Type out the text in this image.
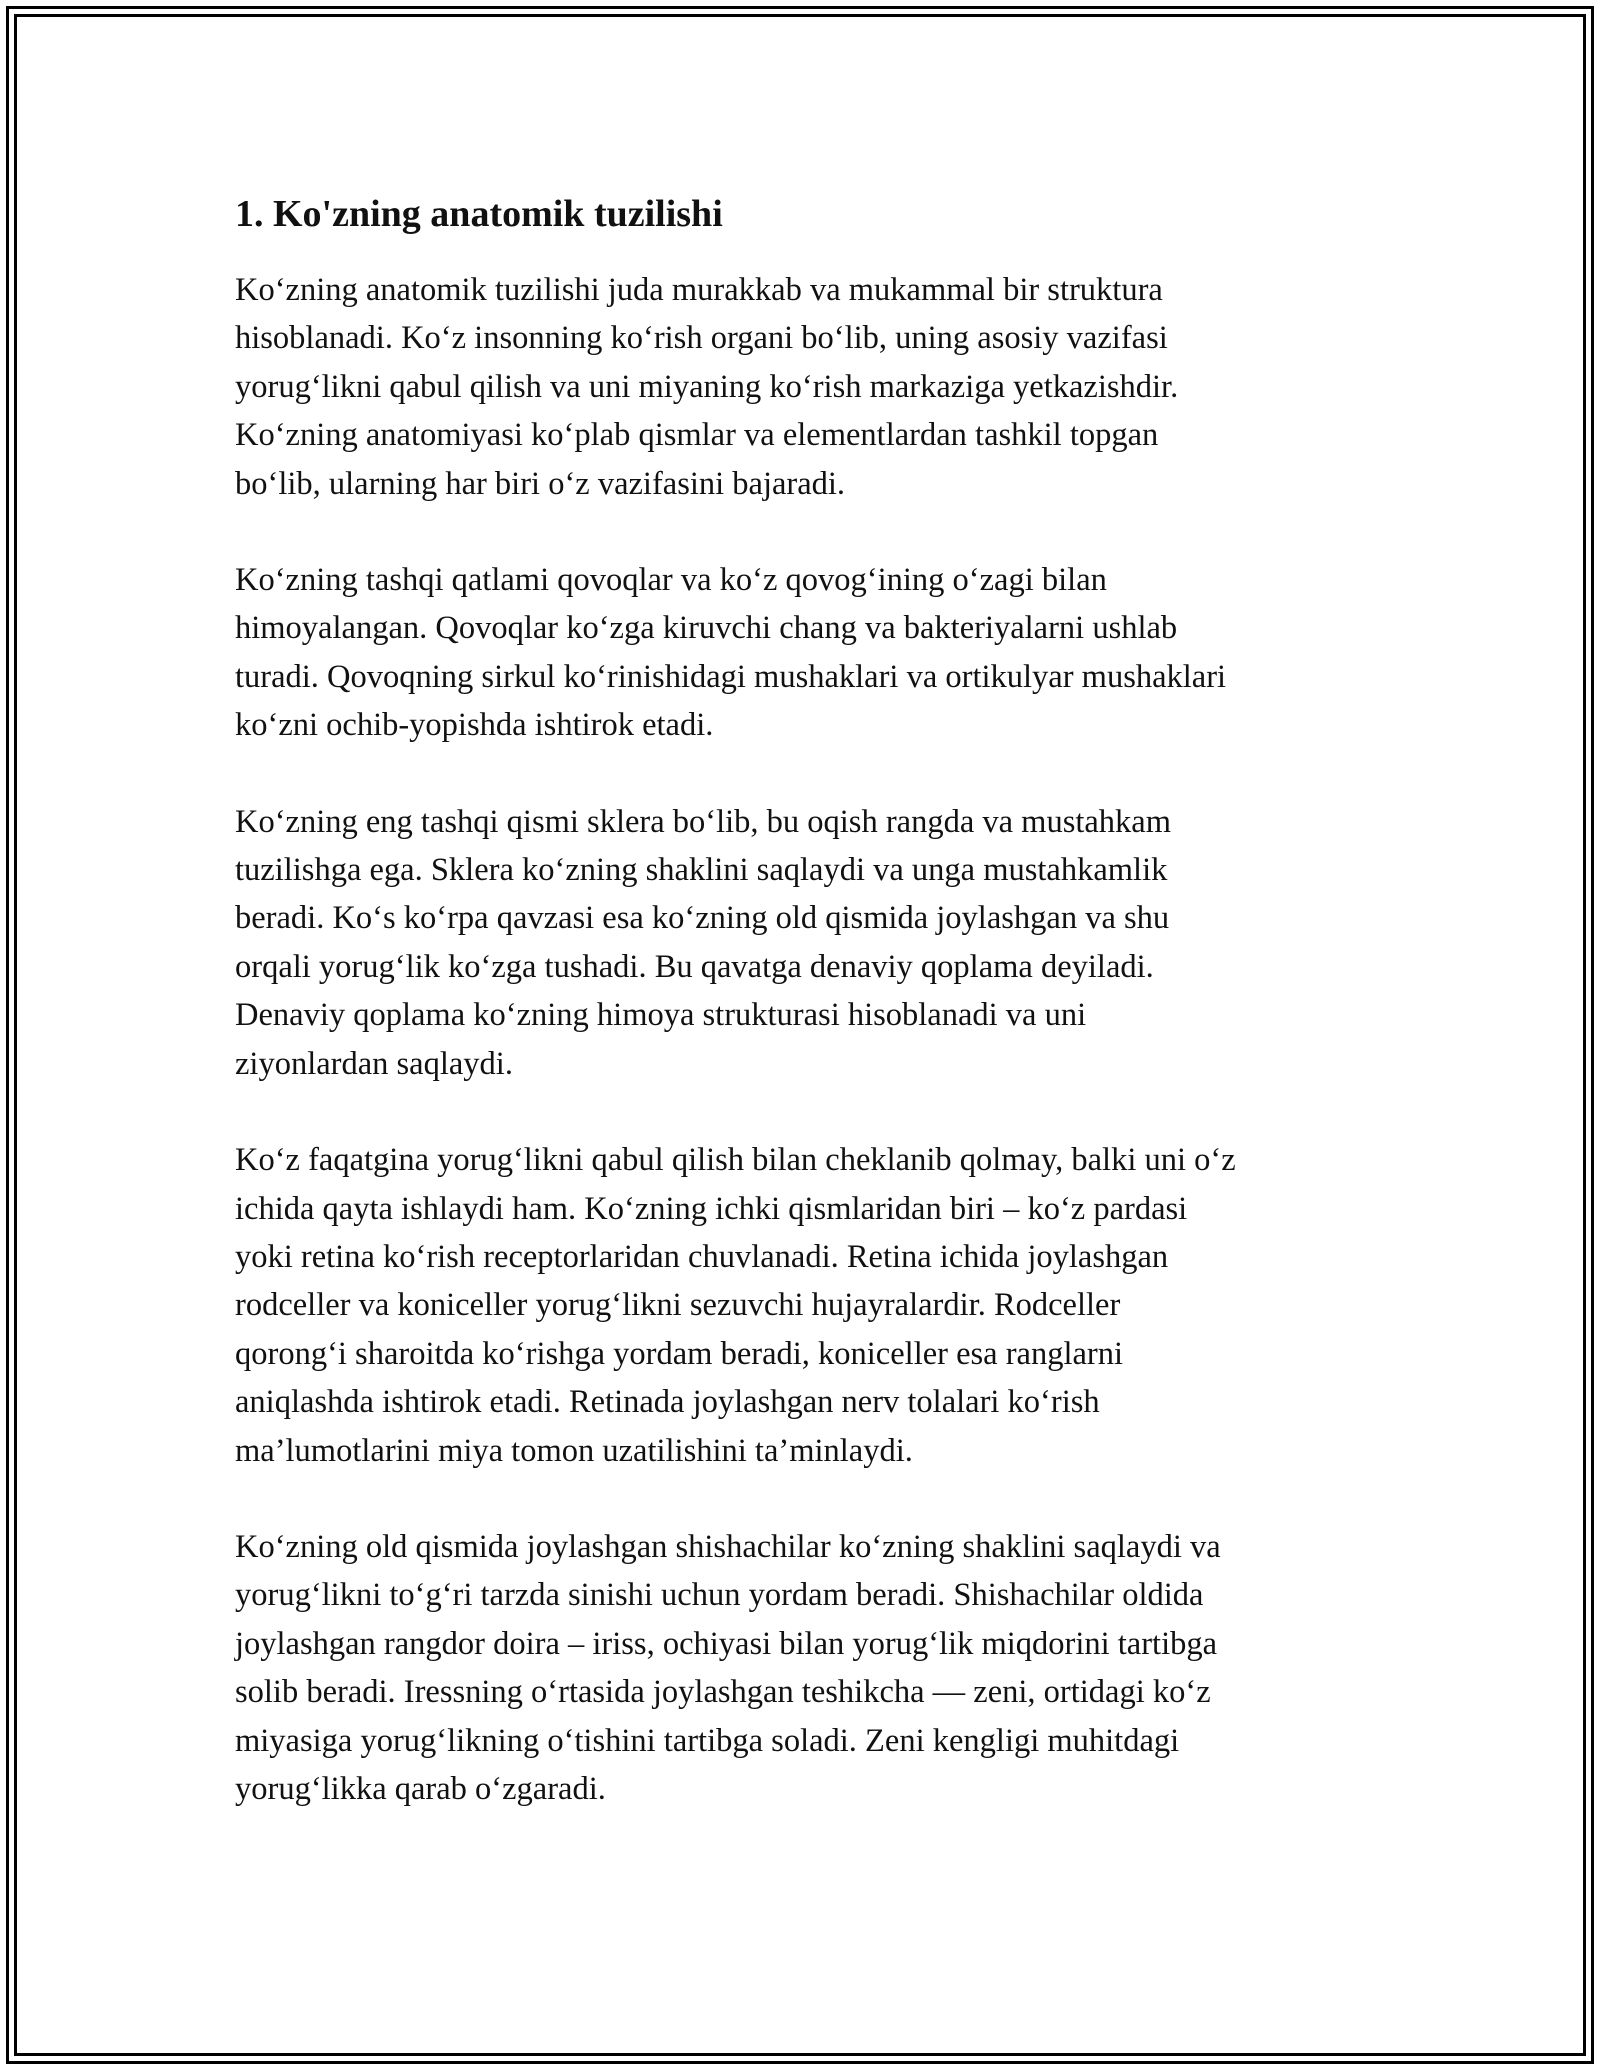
1. Ko'zning anatomik tuzilishi
Ko‘zning anatomik tuzilishi juda murakkab va mukammal bir struktura
hisoblanadi. Ko‘z insonning ko‘rish organi bo‘lib, uning asosiy vazifasi
yorug‘likni qabul qilish va uni miyaning ko‘rish markaziga yetkazishdir.
Ko‘zning anatomiyasi ko‘plab qismlar va elementlardan tashkil topgan
bo‘lib, ularning har biri o‘z vazifasini bajaradi.
Ko‘zning tashqi qatlami qovoqlar va ko‘z qovog‘ining o‘zagi bilan
himoyalangan. Qovoqlar ko‘zga kiruvchi chang va bakteriyalarni ushlab
turadi. Qovoqning sirkul ko‘rinishidagi mushaklari va ortikulyar mushaklari
ko‘zni ochib-yopishda ishtirok etadi.
Ko‘zning eng tashqi qismi sklera bo‘lib, bu oqish rangda va mustahkam
tuzilishga ega. Sklera ko‘zning shaklini saqlaydi va unga mustahkamlik
beradi. Ko‘s ko‘rpa qavzasi esa ko‘zning old qismida joylashgan va shu
orqali yorug‘lik ko‘zga tushadi. Bu qavatga denaviy qoplama deyiladi.
Denaviy qoplama ko‘zning himoya strukturasi hisoblanadi va uni
ziyonlardan saqlaydi.
Ko‘z faqatgina yorug‘likni qabul qilish bilan cheklanib qolmay, balki uni o‘z
ichida qayta ishlaydi ham. Ko‘zning ichki qismlaridan biri – ko‘z pardasi
yoki retina ko‘rish receptorlaridan chuvlanadi. Retina ichida joylashgan
rodceller va koniceller yorug‘likni sezuvchi hujayralardir. Rodceller
qorong‘i sharoitda ko‘rishga yordam beradi, koniceller esa ranglarni
aniqlashda ishtirok etadi. Retinada joylashgan nerv tolalari ko‘rish
ma’lumotlarini miya tomon uzatilishini ta’minlaydi.
Ko‘zning old qismida joylashgan shishachilar ko‘zning shaklini saqlaydi va
yorug‘likni to‘g‘ri tarzda sinishi uchun yordam beradi. Shishachilar oldida
joylashgan rangdor doira – iriss, ochiyasi bilan yorug‘lik miqdorini tartibga
solib beradi. Iressning o‘rtasida joylashgan teshikcha — zeni, ortidagi ko‘z
miyasiga yorug‘likning o‘tishini tartibga soladi. Zeni kengligi muhitdagi
yorug‘likka qarab o‘zgaradi.
